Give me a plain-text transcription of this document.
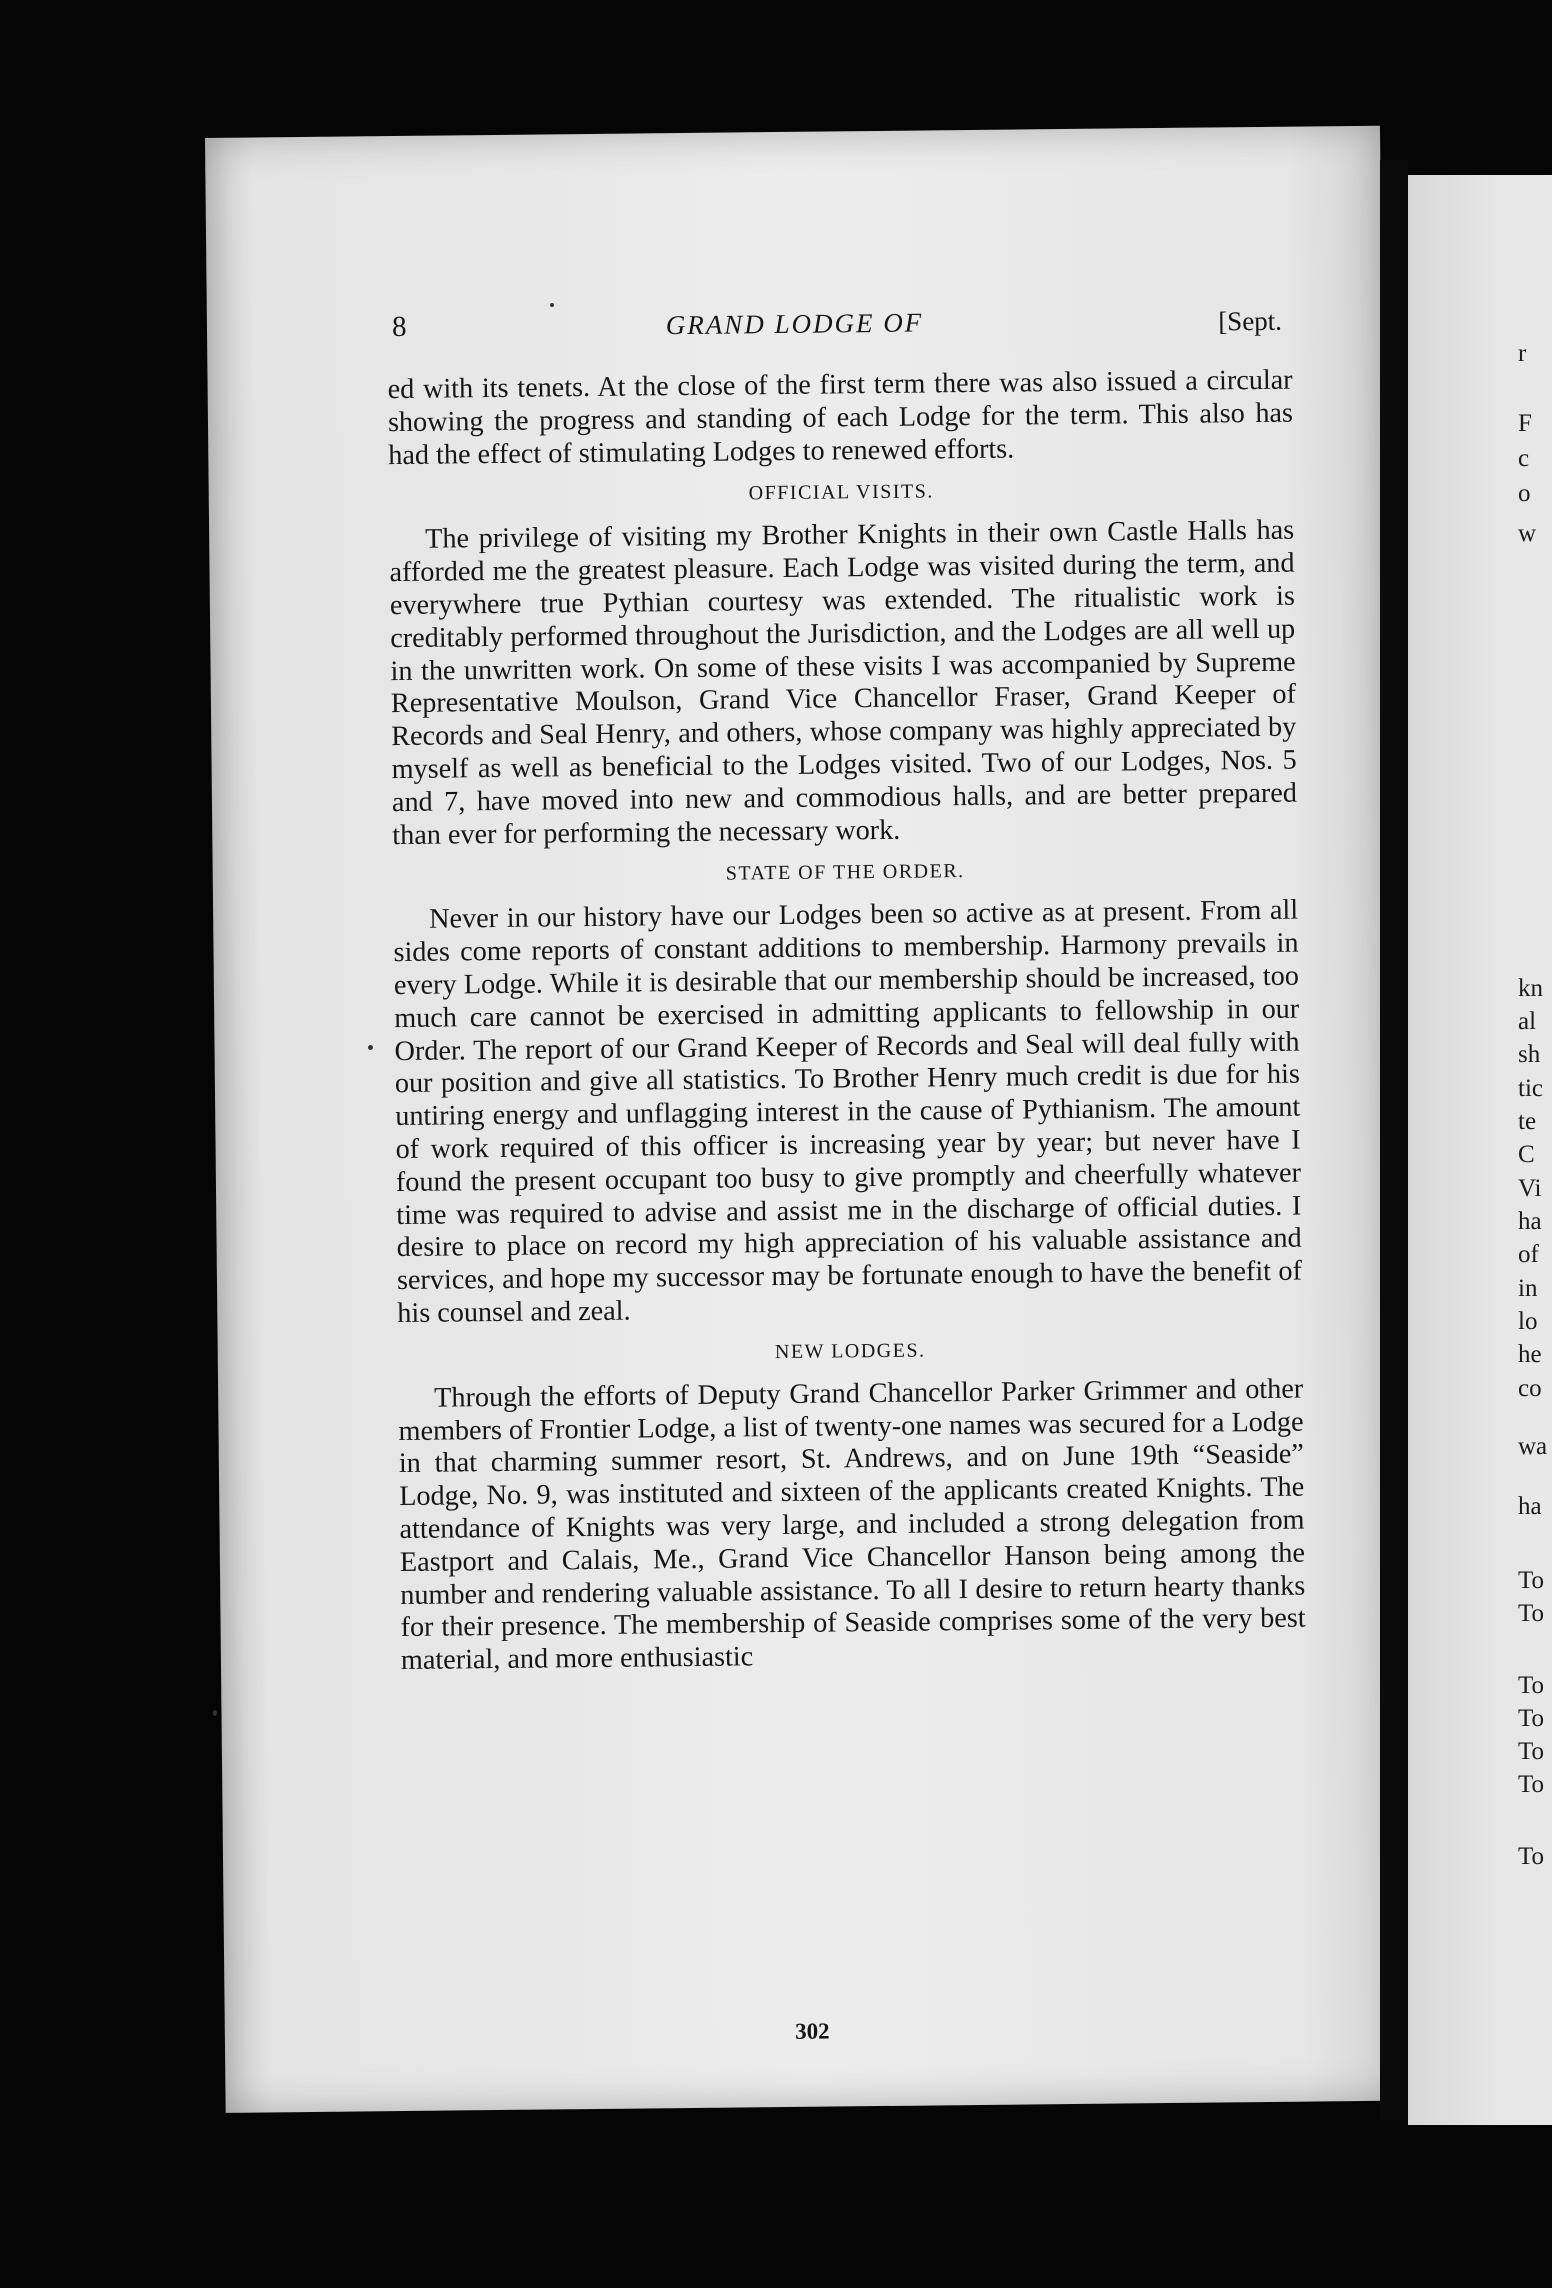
8	GRAND LODGE OF	[Sept.

ed with its tenets. At the close of the first term there was also issued a circular showing the progress and standing of each Lodge for the term. This also has had the effect of stimulating Lodges to renewed efforts.

OFFICIAL VISITS.

The privilege of visiting my Brother Knights in their own Castle Halls has afforded me the greatest pleasure. Each Lodge was visited during the term, and everywhere true Pythian courtesy was extended. The ritualistic work is creditably performed throughout the Jurisdiction, and the Lodges are all well up in the unwritten work. On some of these visits I was accompanied by Supreme Representative Moulson, Grand Vice Chancellor Fraser, Grand Keeper of Records and Seal Henry, and others, whose company was highly appreciated by myself as well as beneficial to the Lodges visited. Two of our Lodges, Nos. 5 and 7, have moved into new and commodious halls, and are better prepared than ever for performing the necessary work.

STATE OF THE ORDER.

Never in our history have our Lodges been so active as at present. From all sides come reports of constant additions to membership. Harmony prevails in every Lodge. While it is desirable that our membership should be increased, too much care cannot be exercised in admitting applicants to fellowship in our Order. The report of our Grand Keeper of Records and Seal will deal fully with our position and give all statistics. To Brother Henry much credit is due for his untiring energy and unflagging interest in the cause of Pythianism. The amount of work required of this officer is increasing year by year; but never have I found the present occupant too busy to give promptly and cheerfully whatever time was required to advise and assist me in the discharge of official duties. I desire to place on record my high appreciation of his valuable assistance and services, and hope my successor may be fortunate enough to have the benefit of his counsel and zeal.

NEW LODGES.

Through the efforts of Deputy Grand Chancellor Parker Grimmer and other members of Frontier Lodge, a list of twenty-one names was secured for a Lodge in that charming summer resort, St. Andrews, and on June 19th “Seaside” Lodge, No. 9, was instituted and sixteen of the applicants created Knights. The attendance of Knights was very large, and included a strong delegation from Eastport and Calais, Me., Grand Vice Chancellor Hanson being among the number and rendering valuable assistance. To all I desire to return hearty thanks for their presence. The membership of Seaside comprises some of the very best material, and more enthusiastic

302
r
F
c
o
w
kn
al
sh
tic
te
C
Vi
ha
of
in
lo
he
co
wa
ha
To
To
To
To
To
To
To
